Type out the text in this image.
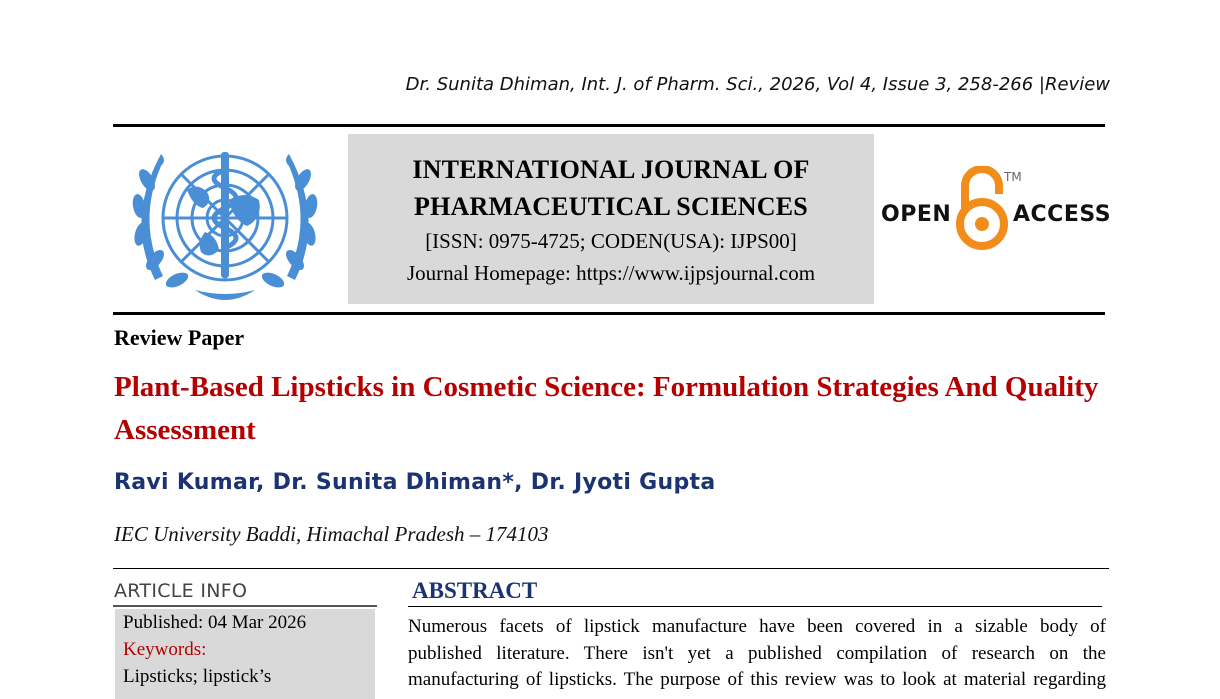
Dr. Sunita Dhiman, Int. J. of Pharm. Sci., 2026, Vol 4, Issue 3, 258-266 |Review
INTERNATIONAL JOURNAL OF
PHARMACEUTICAL SCIENCES
[ISSN: 0975-4725; CODEN(USA): IJPS00]
Journal Homepage: https://www.ijpsjournal.com
OPEN
TM
ACCESS
Review Paper
Plant-Based Lipsticks in Cosmetic Science: Formulation Strategies And Quality Assessment
Ravi Kumar, Dr. Sunita Dhiman*, Dr. Jyoti Gupta
IEC University Baddi, Himachal Pradesh – 174103
ARTICLE INFO
Published: 04 Mar 2026
Keywords:
Lipsticks; lipstick’s
ABSTRACT
Numerous facets of lipstick manufacture have been covered in a sizable body of
published literature. There isn't yet a published compilation of research on the
manufacturing of lipsticks. The purpose of this review was to look at material regarding
